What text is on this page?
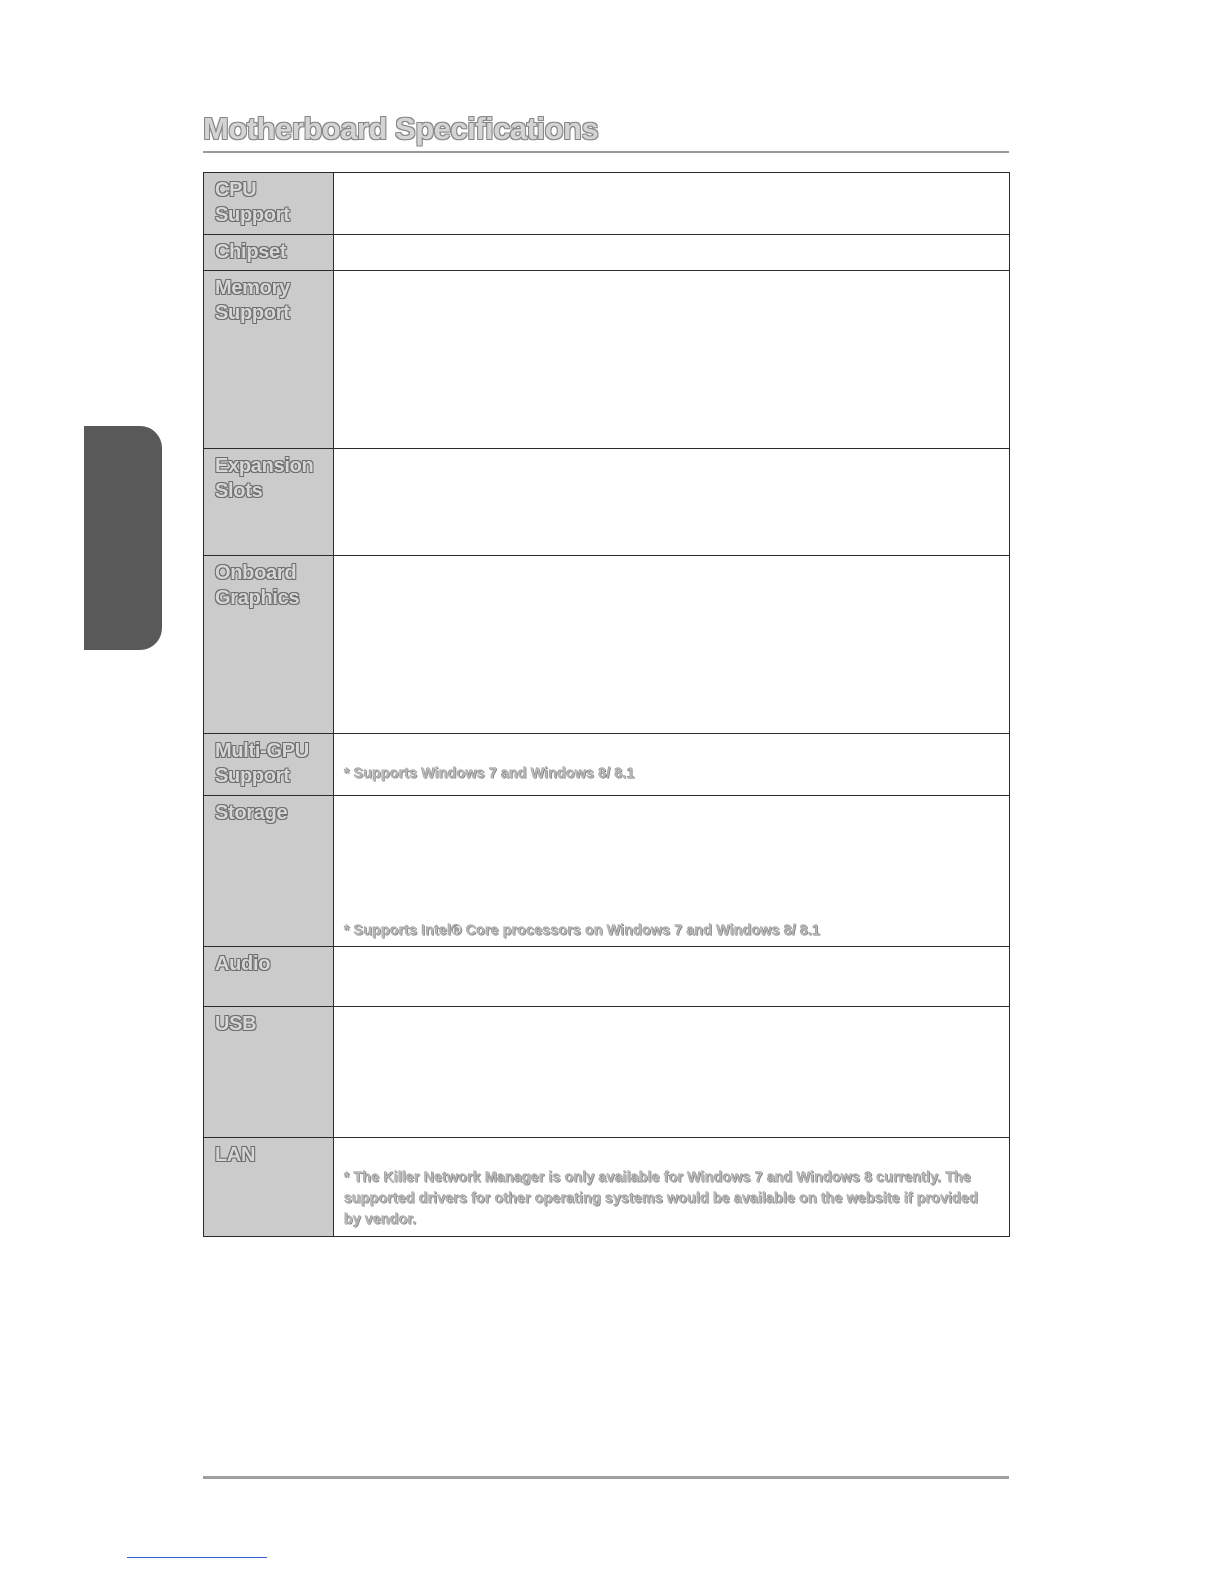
Motherboard Specifications
CPU Support	
Chipset	
Memory Support	
Expansion Slots	
Onboard Graphics	
Multi-GPU Support	* Supports Windows 7 and Windows 8/ 8.1

Storage	* Supports Intel® Core processors on Windows 7 and Windows 8/ 8.1

Audio	
USB	
LAN	* The Killer Network Manager is only available for Windows 7 and Windows 8 currently. The supported drivers for other operating systems would be available on the website if provided by vendor.
